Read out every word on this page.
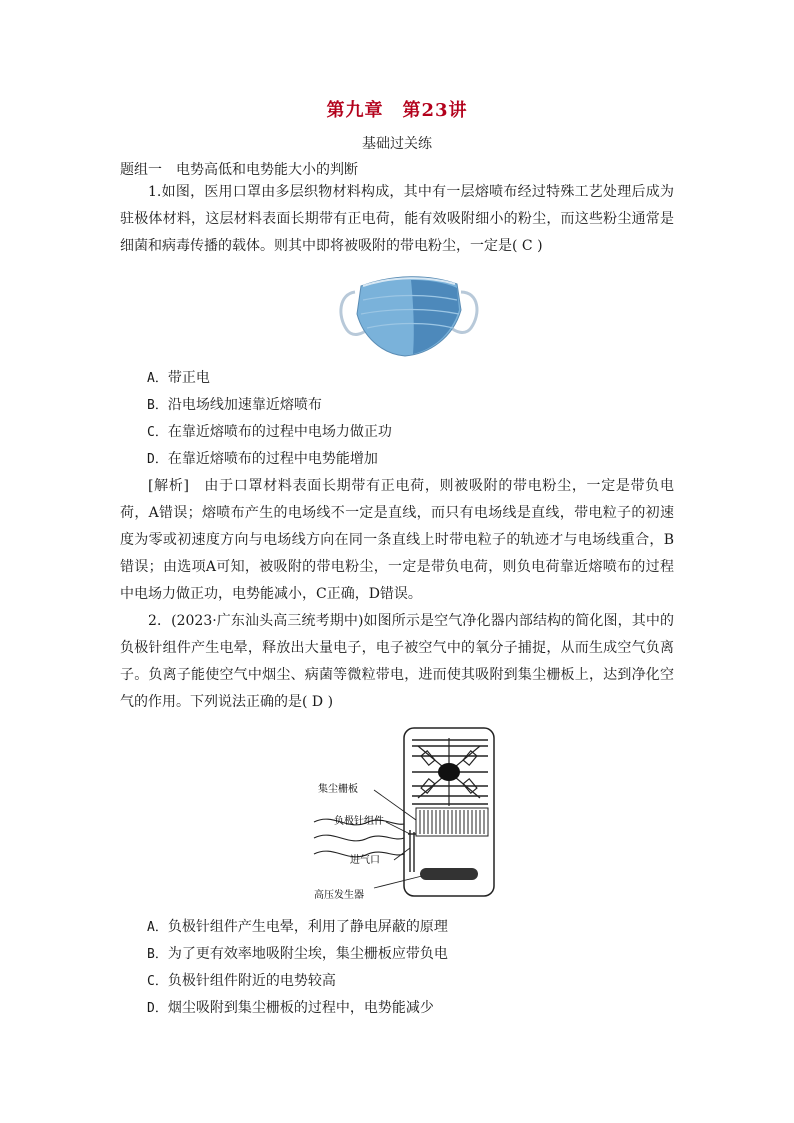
第九章　第23讲
基础过关练
题组一　电势高低和电势能大小的判断
1.如图，医用口罩由多层织物材料构成，其中有一层熔喷布经过特殊工艺处理后成为驻极体材料，这层材料表面长期带有正电荷，能有效吸附细小的粉尘，而这些粉尘通常是细菌和病毒传播的载体。则其中即将被吸附的带电粉尘，一定是( C )
A．带正电
B．沿电场线加速靠近熔喷布
C．在靠近熔喷布的过程中电场力做正功
D．在靠近熔喷布的过程中电势能增加
[解析]　由于口罩材料表面长期带有正电荷，则被吸附的带电粉尘，一定是带负电荷，A错误；熔喷布产生的电场线不一定是直线，而只有电场线是直线，带电粒子的初速度为零或初速度方向与电场线方向在同一条直线上时带电粒子的轨迹才与电场线重合，B错误；由选项A可知，被吸附的带电粉尘，一定是带负电荷，则负电荷靠近熔喷布的过程中电场力做正功，电势能减小，C正确，D错误。
2．(2023·广东汕头高三统考期中)如图所示是空气净化器内部结构的简化图，其中的负极针组件产生电晕，释放出大量电子，电子被空气中的氧分子捕捉，从而生成空气负离子。负离子能使空气中烟尘、病菌等微粒带电，进而使其吸附到集尘栅板上，达到净化空气的作用。下列说法正确的是( D )
集尘栅板
负极针组件
进气口
高压发生器
A．负极针组件产生电晕，利用了静电屏蔽的原理
B．为了更有效率地吸附尘埃，集尘栅板应带负电
C．负极针组件附近的电势较高
D．烟尘吸附到集尘栅板的过程中，电势能减少
